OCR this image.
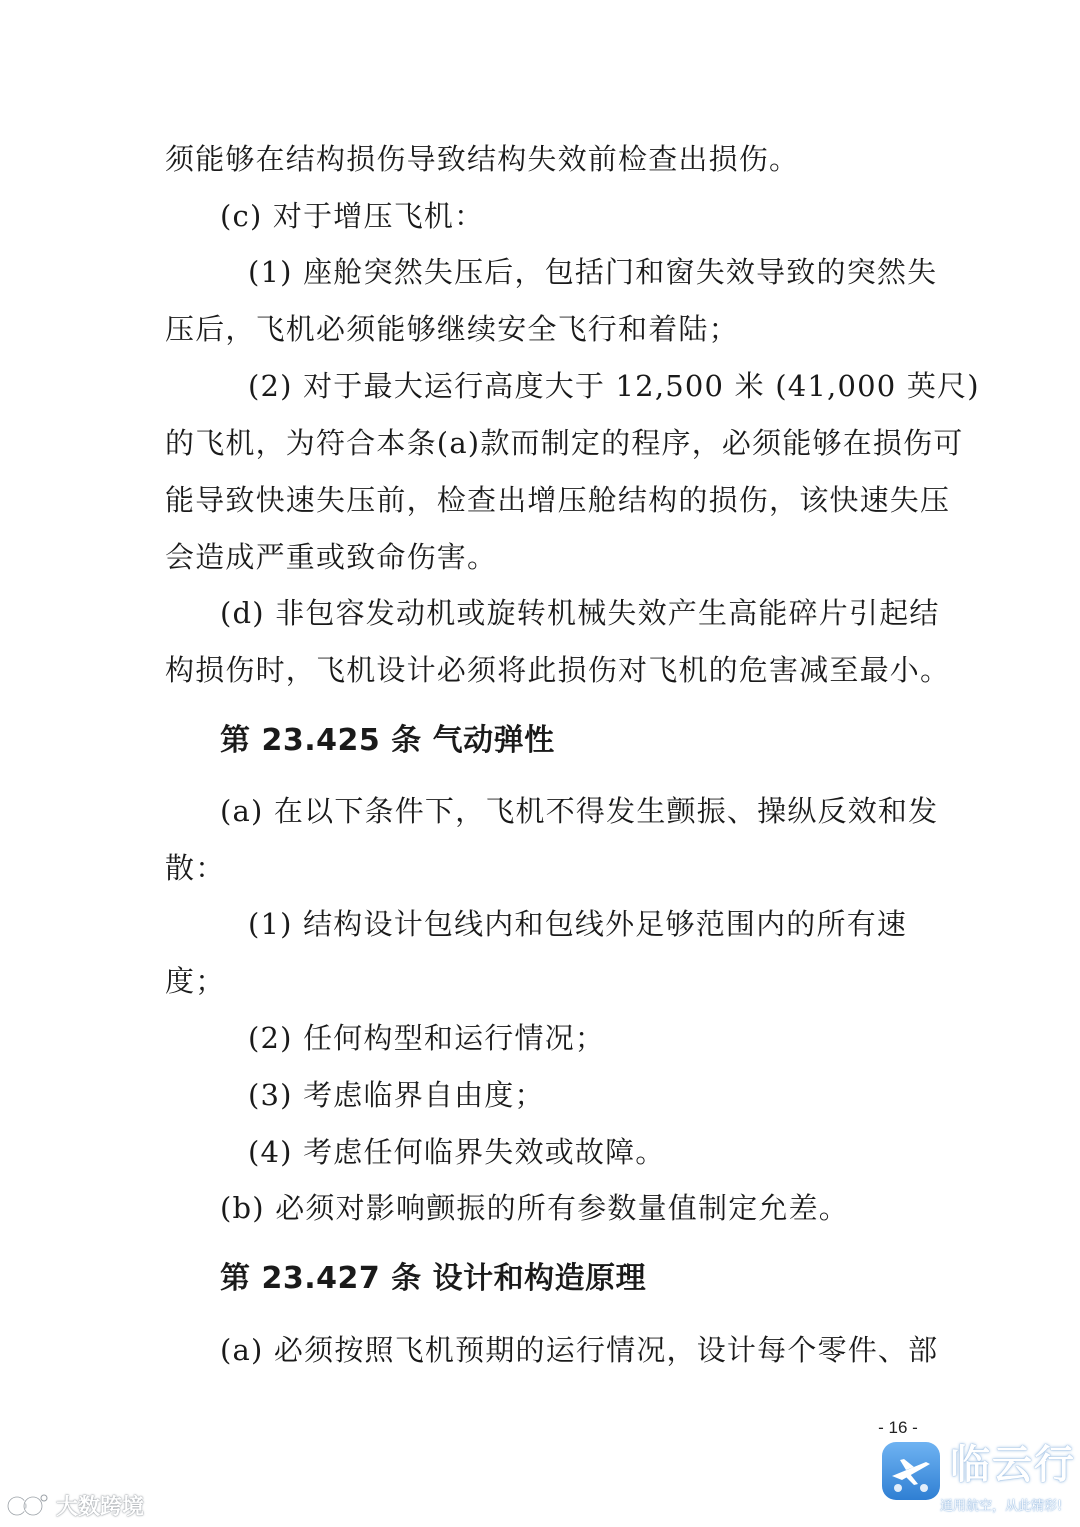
须能够在结构损伤导致结构失效前检查出损伤。
(c) 对于增压飞机：
(1) 座舱突然失压后，包括门和窗失效导致的突然失
压后，飞机必须能够继续安全飞行和着陆；
(2) 对于最大运行高度大于 12,500 米 (41,000 英尺)
的飞机，为符合本条(a)款而制定的程序，必须能够在损伤可
能导致快速失压前，检查出增压舱结构的损伤，该快速失压
会造成严重或致命伤害。
(d) 非包容发动机或旋转机械失效产生高能碎片引起结
构损伤时，飞机设计必须将此损伤对飞机的危害减至最小。
第 23.425 条 气动弹性
(a) 在以下条件下，飞机不得发生颤振、操纵反效和发
散：
(1) 结构设计包线内和包线外足够范围内的所有速
度；
(2) 任何构型和运行情况；
(3) 考虑临界自由度；
(4) 考虑任何临界失效或故障。
(b) 必须对影响颤振的所有参数量值制定允差。
第 23.427 条 设计和构造原理
(a) 必须按照飞机预期的运行情况，设计每个零件、部
- 16 -
大数跨境
临云行
通用航空，从此精彩!
